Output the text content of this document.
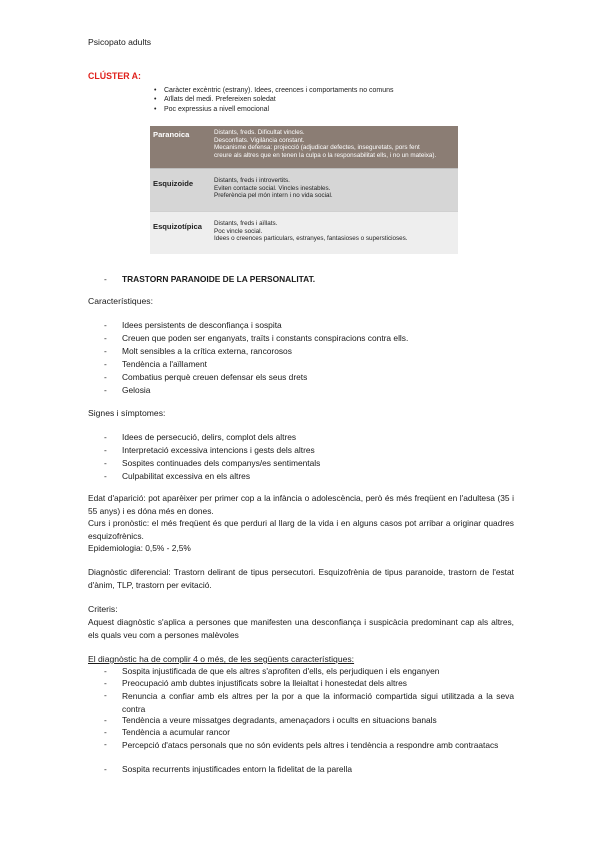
Psicopato adults
CLÚSTER A:
• Caràcter excèntric (estrany). Idees, creences i comportaments no comuns
• Aïllats del medi. Prefereixen soledat
• Poc expressius a nivell emocional
Paranoica	Distants, freds. Dificultat vincles.
Desconfiats. Vigilància constant.
Mecanisme defensa: projecció (adjudicar defectes, inseguretats, pors fent
creure als altres que en tenen la culpa o la responsabilitat ells, i no un mateixa).
Esquizoide	Distants, freds i introvertits.
Eviten contacte social. Vincles inestables.
Preferència pel món intern i no vida social.
Esquizotípica	Distants, freds i aïllats.
Poc vincle social.
Idees o creences particulars, estranyes, fantasioses o supersticioses.
- TRASTORN PARANOIDE DE LA PERSONALITAT.
Característiques:
- Idees persistents de desconfiança i sospita
- Creuen que poden ser enganyats, traïts i constants conspiracions contra ells.
- Molt sensibles a la crítica externa, rancorosos
- Tendència a l'aïllament
- Combatius perquè creuen defensar els seus drets
- Gelosia
Signes i símptomes:
- Idees de persecució, delirs, complot dels altres
- Interpretació excessiva intencions i gests dels altres
- Sospites continuades dels companys/es sentimentals
- Culpabilitat excessiva en els altres
Edat d'aparició: pot aparèixer per primer cop a la infància o adolescència, però és més freqüent en l'adultesa (35 i 55 anys) i es dóna més en dones.
Curs i pronòstic: el més freqüent és que perduri al llarg de la vida i en alguns casos pot arribar a originar quadres esquizofrènics.
Epidemiologia: 0,5% - 2,5%
Diagnòstic diferencial: Trastorn delirant de tipus persecutori. Esquizofrènia de tipus paranoide, trastorn de l'estat d'ànim, TLP, trastorn per evitació.
Criteris:
Aquest diagnòstic s'aplica a persones que manifesten una desconfiança i suspicàcia predominant cap als altres, els quals veu com a persones malèvoles
El diagnòstic ha de complir 4 o més, de les següents característiques:
- Sospita injustificada de que els altres s'aprofiten d'ells, els perjudiquen i els enganyen
- Preocupació amb dubtes injustificats sobre la lleialtat i honestedat dels altres
- Renuncia a confiar amb els altres per la por a que la informació compartida sigui utilitzada a la seva contra
- Tendència a veure missatges degradants, amenaçadors i ocults en situacions banals
- Tendència a acumular rancor
- Percepció d'atacs personals que no són evidents pels altres i tendència a respondre amb contraatacs
- Sospita recurrents injustificades entorn la fidelitat de la parella
